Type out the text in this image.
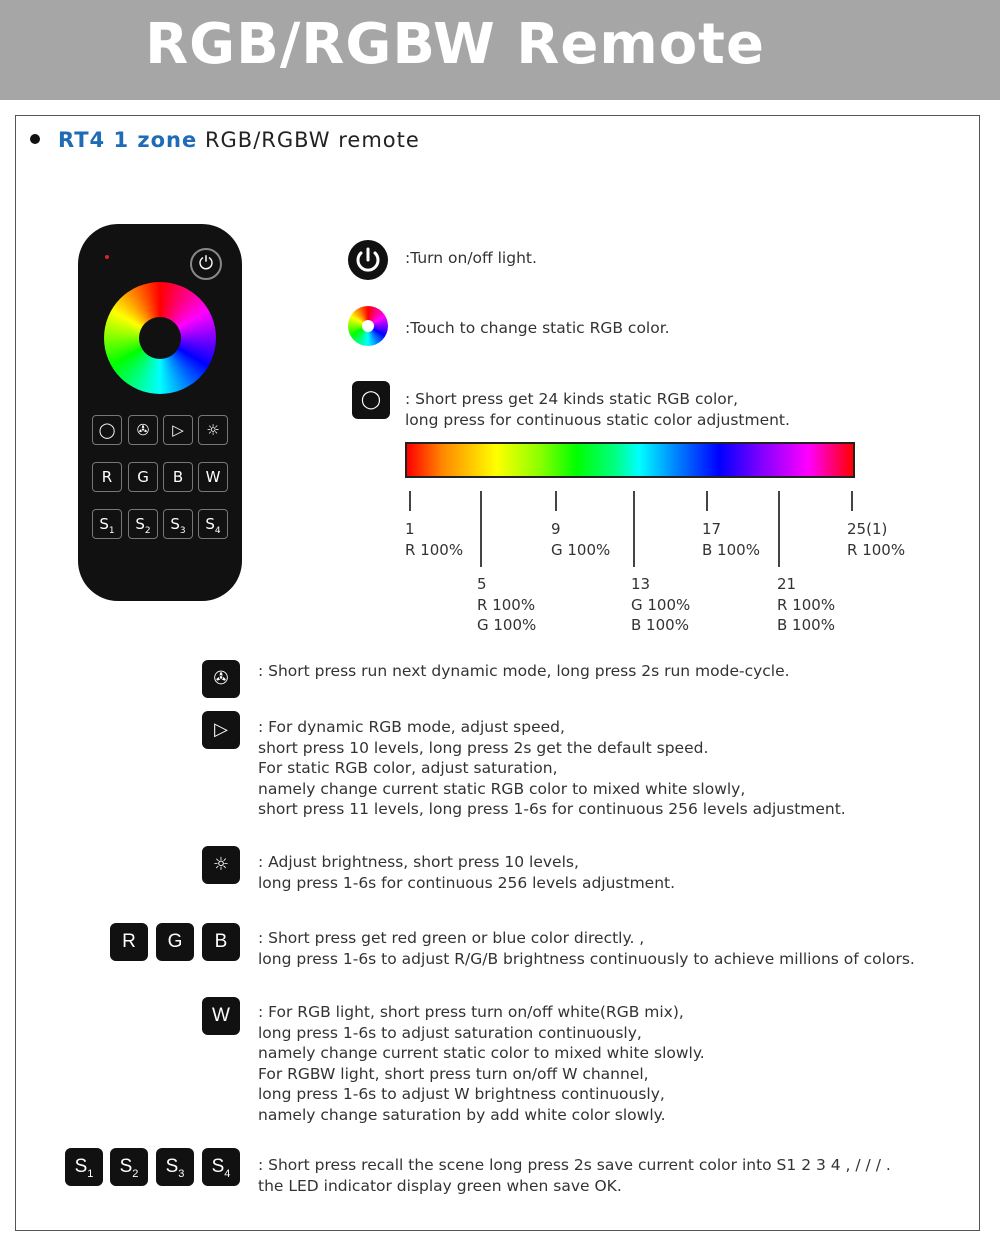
RGB/RGBW Remote
RT4 1 zone RGB/RGBW remote
⏻
◯	✇	▷	☼
R	G	B	W
$S_1$	$S_2$	$S_3$	$S_4$
:Turn on/off light.
:Touch to change static RGB color.
◯	: Short press get 24 kinds static RGB color,
long press for continuous static color adjustment.
1
R 100%
9
G 100%
17
B 100%
25(1)
R 100%
5
R 100%
G 100%
13
G 100%
B 100%
21
R 100%
B 100%
✇	: Short press run next dynamic mode, long press 2s run mode-cycle.
▷	: For dynamic RGB mode, adjust speed,
short press 10 levels, long press 2s get the default speed.
For static RGB color, adjust saturation,
namely change current static RGB color to mixed white slowly,
short press 11 levels, long press 1-6s for continuous 256 levels adjustment.
☼	: Adjust brightness, short press 10 levels,
long press 1-6s for continuous 256 levels adjustment.
R	G	B	: Short press get red green or blue color directly. ,
long press 1-6s to adjust R/G/B brightness continuously to achieve millions of colors.
W	: For RGB light, short press turn on/off white(RGB mix),
long press 1-6s to adjust saturation continuously,
namely change current static color to mixed white slowly.
For RGBW light, short press turn on/off W channel,
long press 1-6s to adjust W brightness continuously,
namely change saturation by add white color slowly.
$S_1$	$S_2$	$S_3$	$S_4$	: Short press recall the scene long press 2s save current color into S1 2 3 4 , / / / .
the LED indicator display green when save OK.
